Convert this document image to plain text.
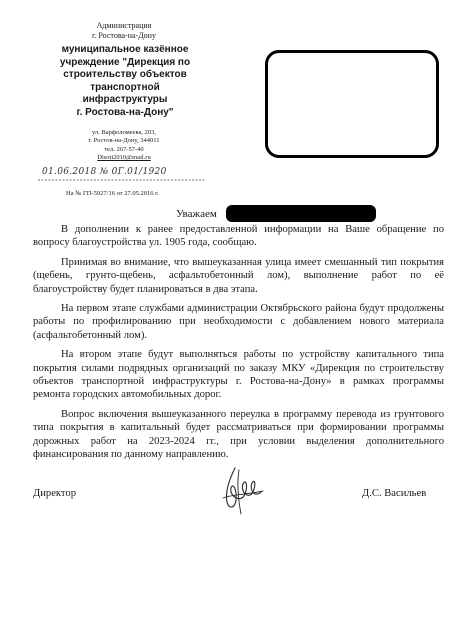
Администрация
г. Ростова-на-Дону
муниципальное казённое
учреждение "Дирекция по
строительству объектов
транспортной
инфраструктуры
г. Ростова-на-Дону"
ул. Варфоломеева, 203,
г. Ростов-на-Дону, 344011
тел. 267-57-40
Disoti2010@mail.ru
01.06.2018 № 0Г.01/1920
На № ГП-5927/16 от 27.05.2016 г.
Уважаем

В дополнении к ранее предоставленной информации на Ваше обращение по вопросу благоустройства ул. 1905 года, сообщаю.

Принимая во внимание, что вышеуказанная улица имеет смешанный тип покрытия (щебень, грунто-щебень, асфальтобетонный лом), выполнение работ по её благоустройству будет планироваться в два этапа.

На первом этапе службами администрации Октябрьского района будут продолжены работы по профилированию при необходимости с добавлением нового материала (асфальтобетонный лом).

На втором этапе будут выполняться работы по устройству капитального типа покрытия силами подрядных организаций по заказу МКУ «Дирекция по строительству объектов транспортной инфраструктуры г. Ростова-на-Дону» в рамках программы ремонта городских автомобильных дорог.

Вопрос включения вышеуказанного переулка в программу перевода из грунтового типа покрытия в капитальный будет рассматриваться при формировании программы дорожных работ на 2023-2024 гг., при условии выделения дополнительного финансирования по данному направлению.

Директор	Д.С. Васильев
